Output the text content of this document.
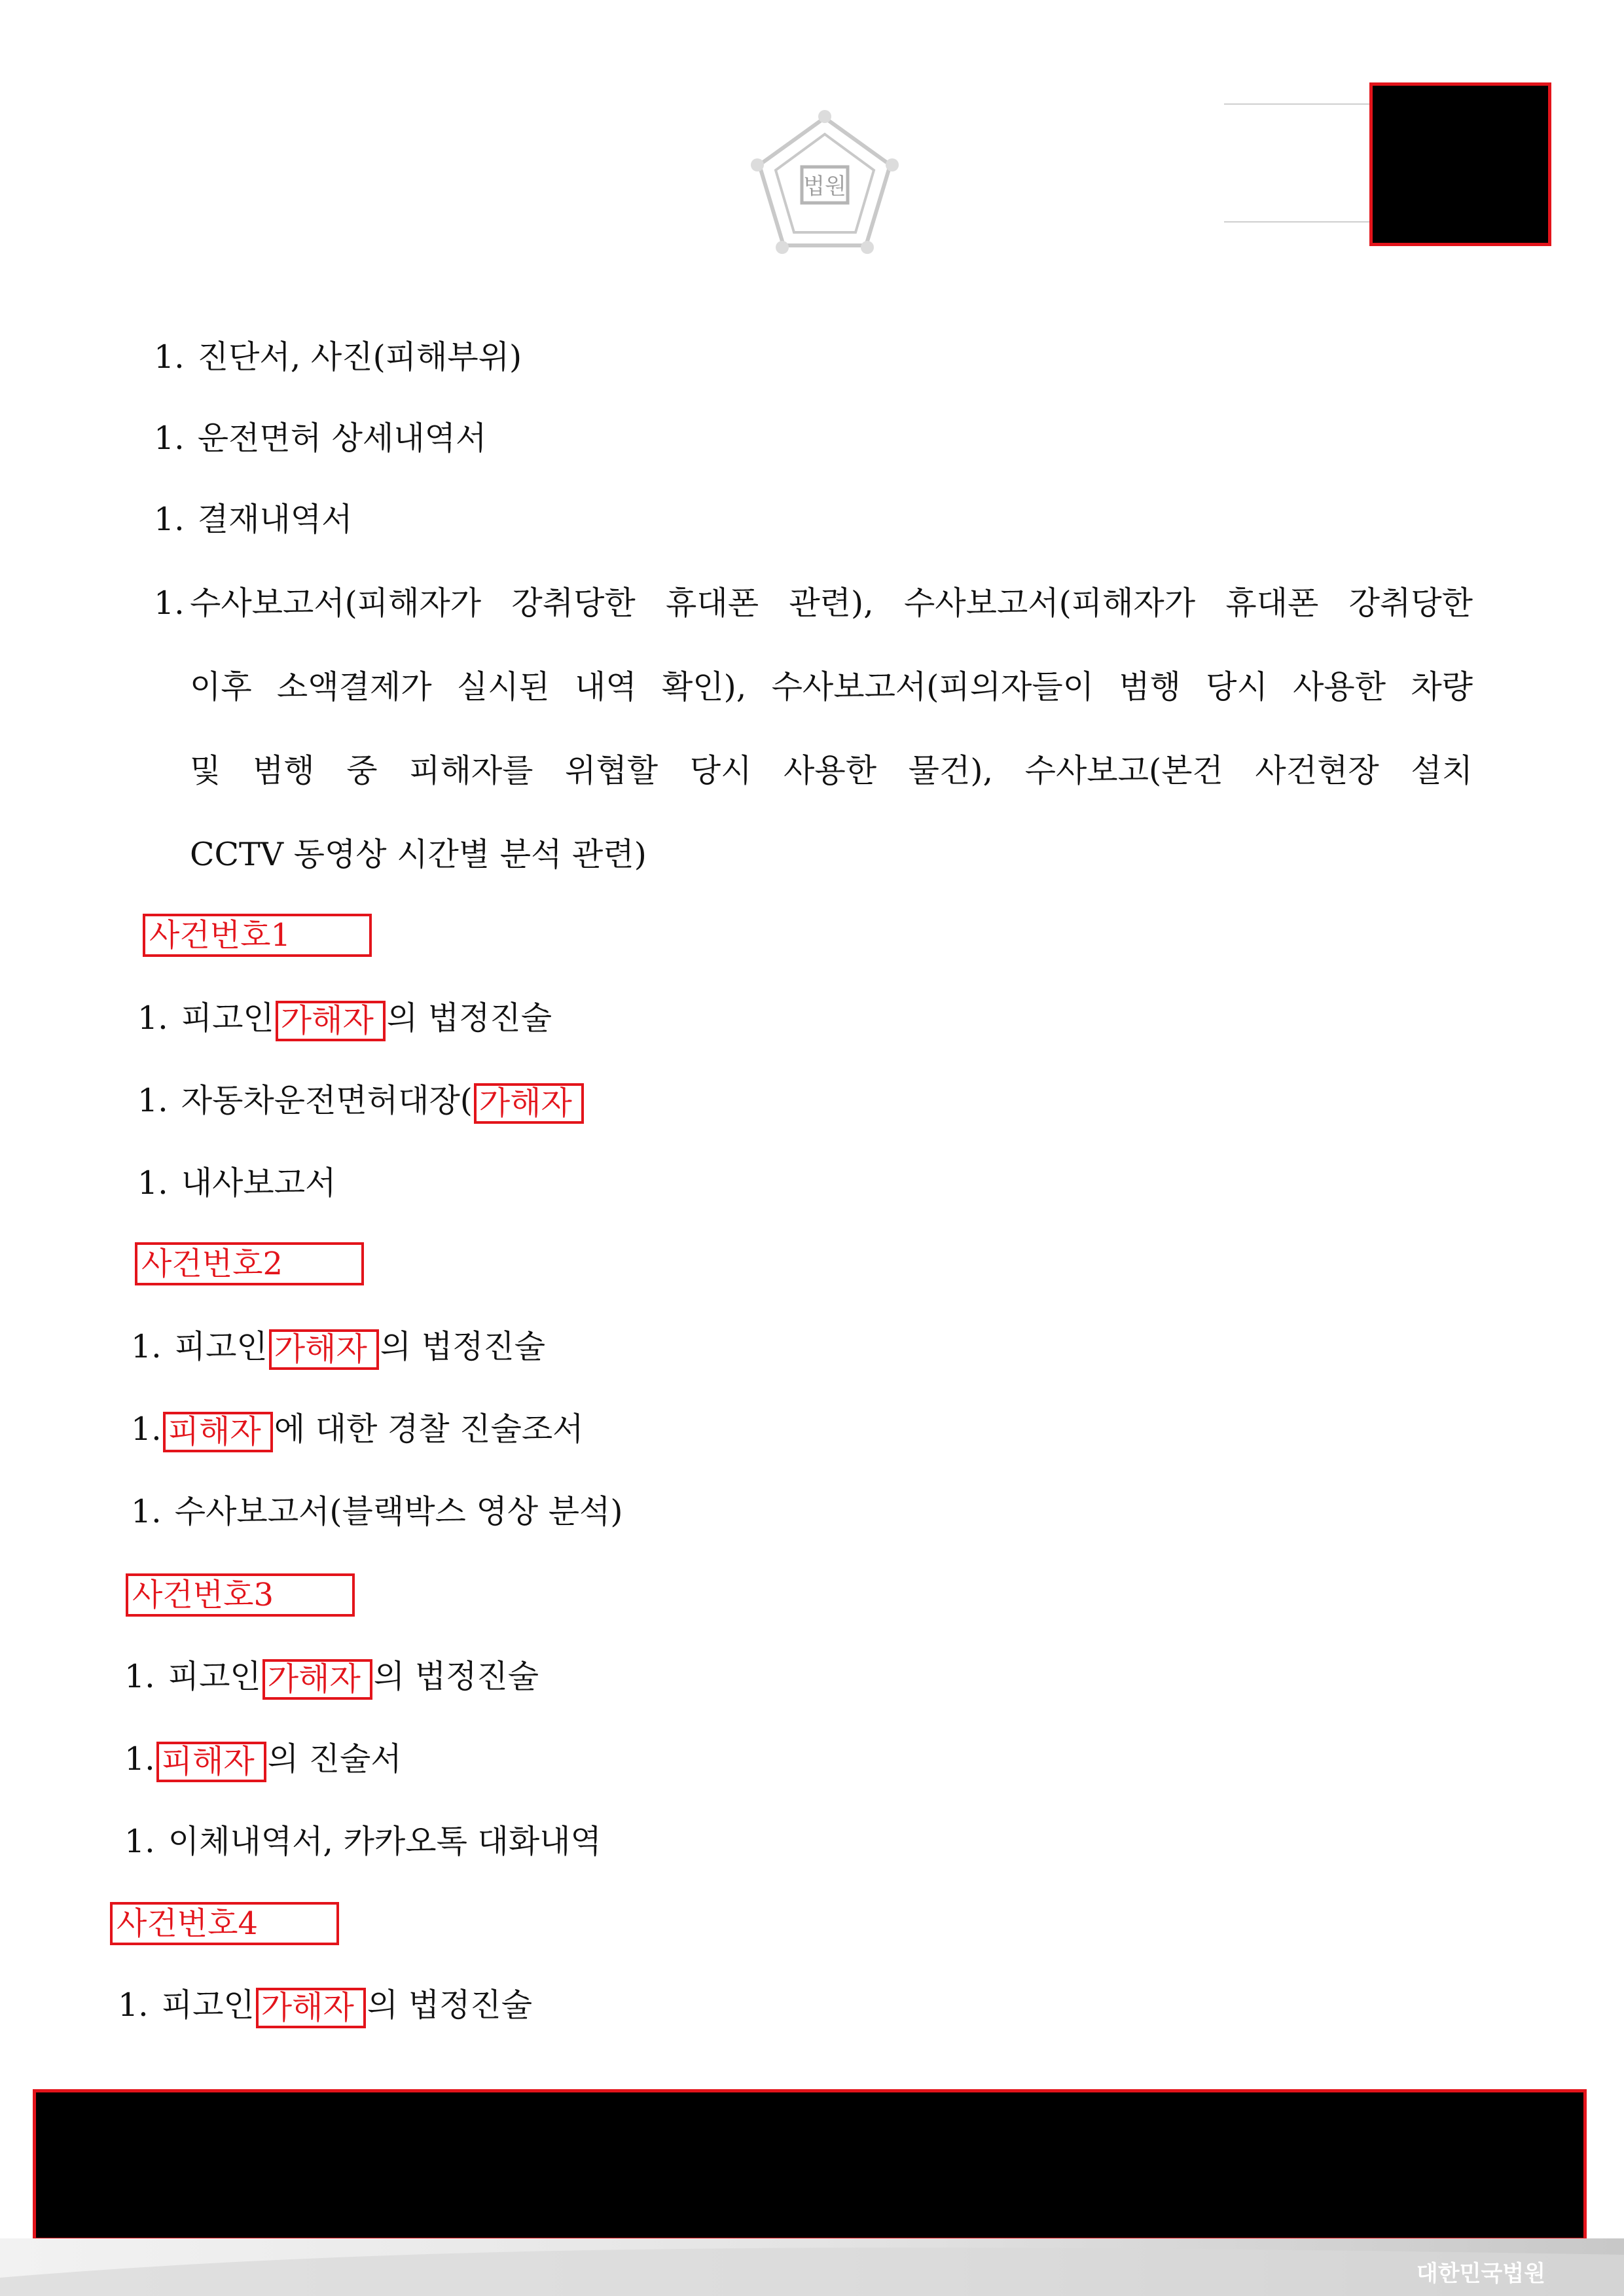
법원
1. 진단서, 사진(피해부위)
1. 운전면허 상세내역서
1. 결재내역서
1. 수사보고서(피해자가 강취당한 휴대폰 관련), 수사보고서(피해자가 휴대폰 강취당한
이후 소액결제가 실시된 내역 확인), 수사보고서(피의자들이 범행 당시 사용한 차량
및 범행 중 피해자를 위협할 당시 사용한 물건), 수사보고(본건 사건현장 설치
CCTV 동영상 시간별 분석 관련)
사건번호1
1. 피고인 가해자 의 법정진술
1. 자동차운전면허대장( 가해자
1. 내사보고서
사건번호2
1. 피고인 가해자 의 법정진술
1. 피해자 에 대한 경찰 진술조서
1. 수사보고서(블랙박스 영상 분석)
사건번호3
1. 피고인 가해자 의 법정진술
1. 피해자 의 진술서
1. 이체내역서, 카카오톡 대화내역
사건번호4
1. 피고인 가해자 의 법정진술
대한민국법원
